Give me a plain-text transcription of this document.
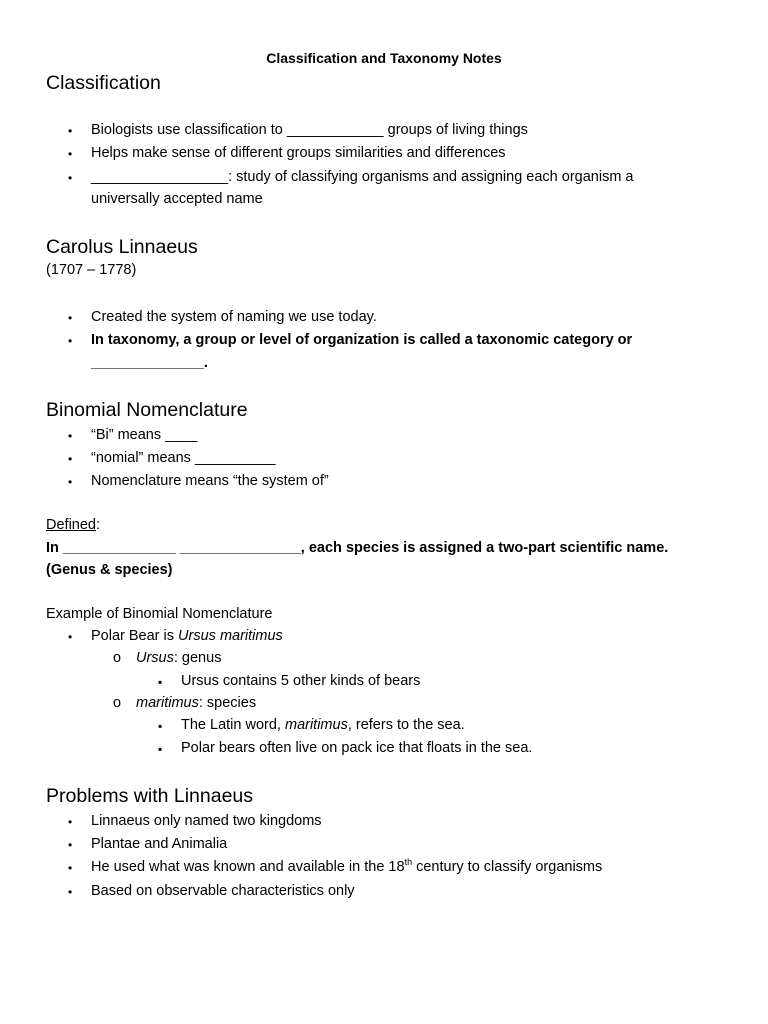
Classification and Taxonomy Notes
Classification
• Biologists use classification to ____________ groups of living things
• Helps make sense of different groups similarities and differences
• _________________: study of classifying organisms and assigning each organism a
universally accepted name
Carolus Linnaeus
(1707 – 1778)
• Created the system of naming we use today.
• In taxonomy, a group or level of organization is called a taxonomic category or
______________.
Binomial Nomenclature
• “Bi” means ____
• “nomial” means __________
• Nomenclature means “the system of”
Defined:
In ______________ _______________, each species is assigned a two-part scientific name.
(Genus & species)
Example of Binomial Nomenclature
• Polar Bear is Ursus maritimus
o Ursus: genus
▪ Ursus contains 5 other kinds of bears
o maritimus: species
▪ The Latin word, maritimus, refers to the sea.
▪ Polar bears often live on pack ice that floats in the sea.
Problems with Linnaeus
• Linnaeus only named two kingdoms
• Plantae and Animalia
• He used what was known and available in the 18th century to classify organisms
• Based on observable characteristics only
